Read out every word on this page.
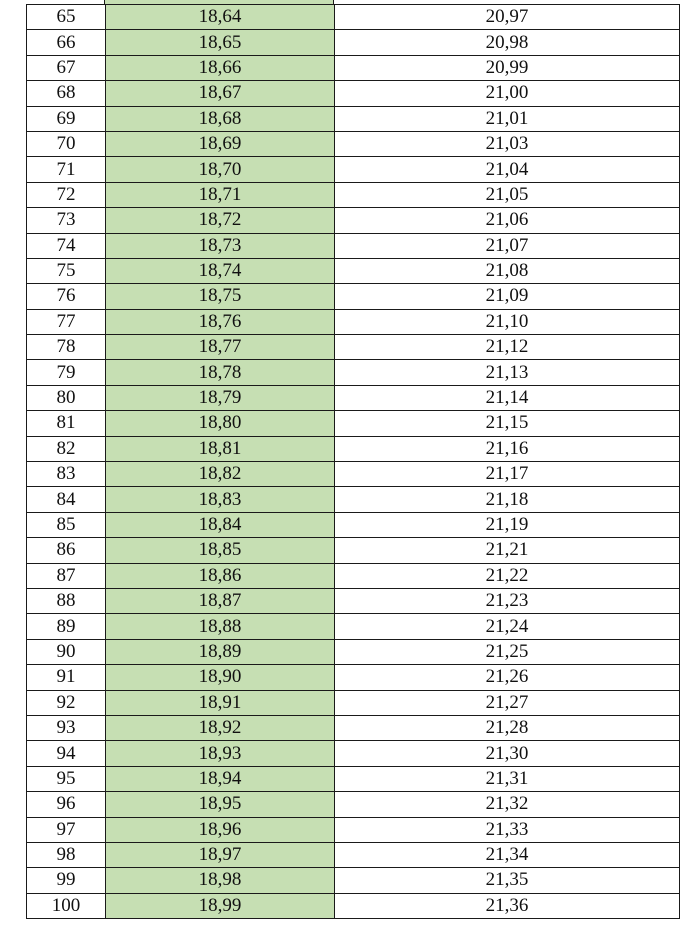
65	18,64	20,97
66	18,65	20,98
67	18,66	20,99
68	18,67	21,00
69	18,68	21,01
70	18,69	21,03
71	18,70	21,04
72	18,71	21,05
73	18,72	21,06
74	18,73	21,07
75	18,74	21,08
76	18,75	21,09
77	18,76	21,10
78	18,77	21,12
79	18,78	21,13
80	18,79	21,14
81	18,80	21,15
82	18,81	21,16
83	18,82	21,17
84	18,83	21,18
85	18,84	21,19
86	18,85	21,21
87	18,86	21,22
88	18,87	21,23
89	18,88	21,24
90	18,89	21,25
91	18,90	21,26
92	18,91	21,27
93	18,92	21,28
94	18,93	21,30
95	18,94	21,31
96	18,95	21,32
97	18,96	21,33
98	18,97	21,34
99	18,98	21,35
100	18,99	21,36
